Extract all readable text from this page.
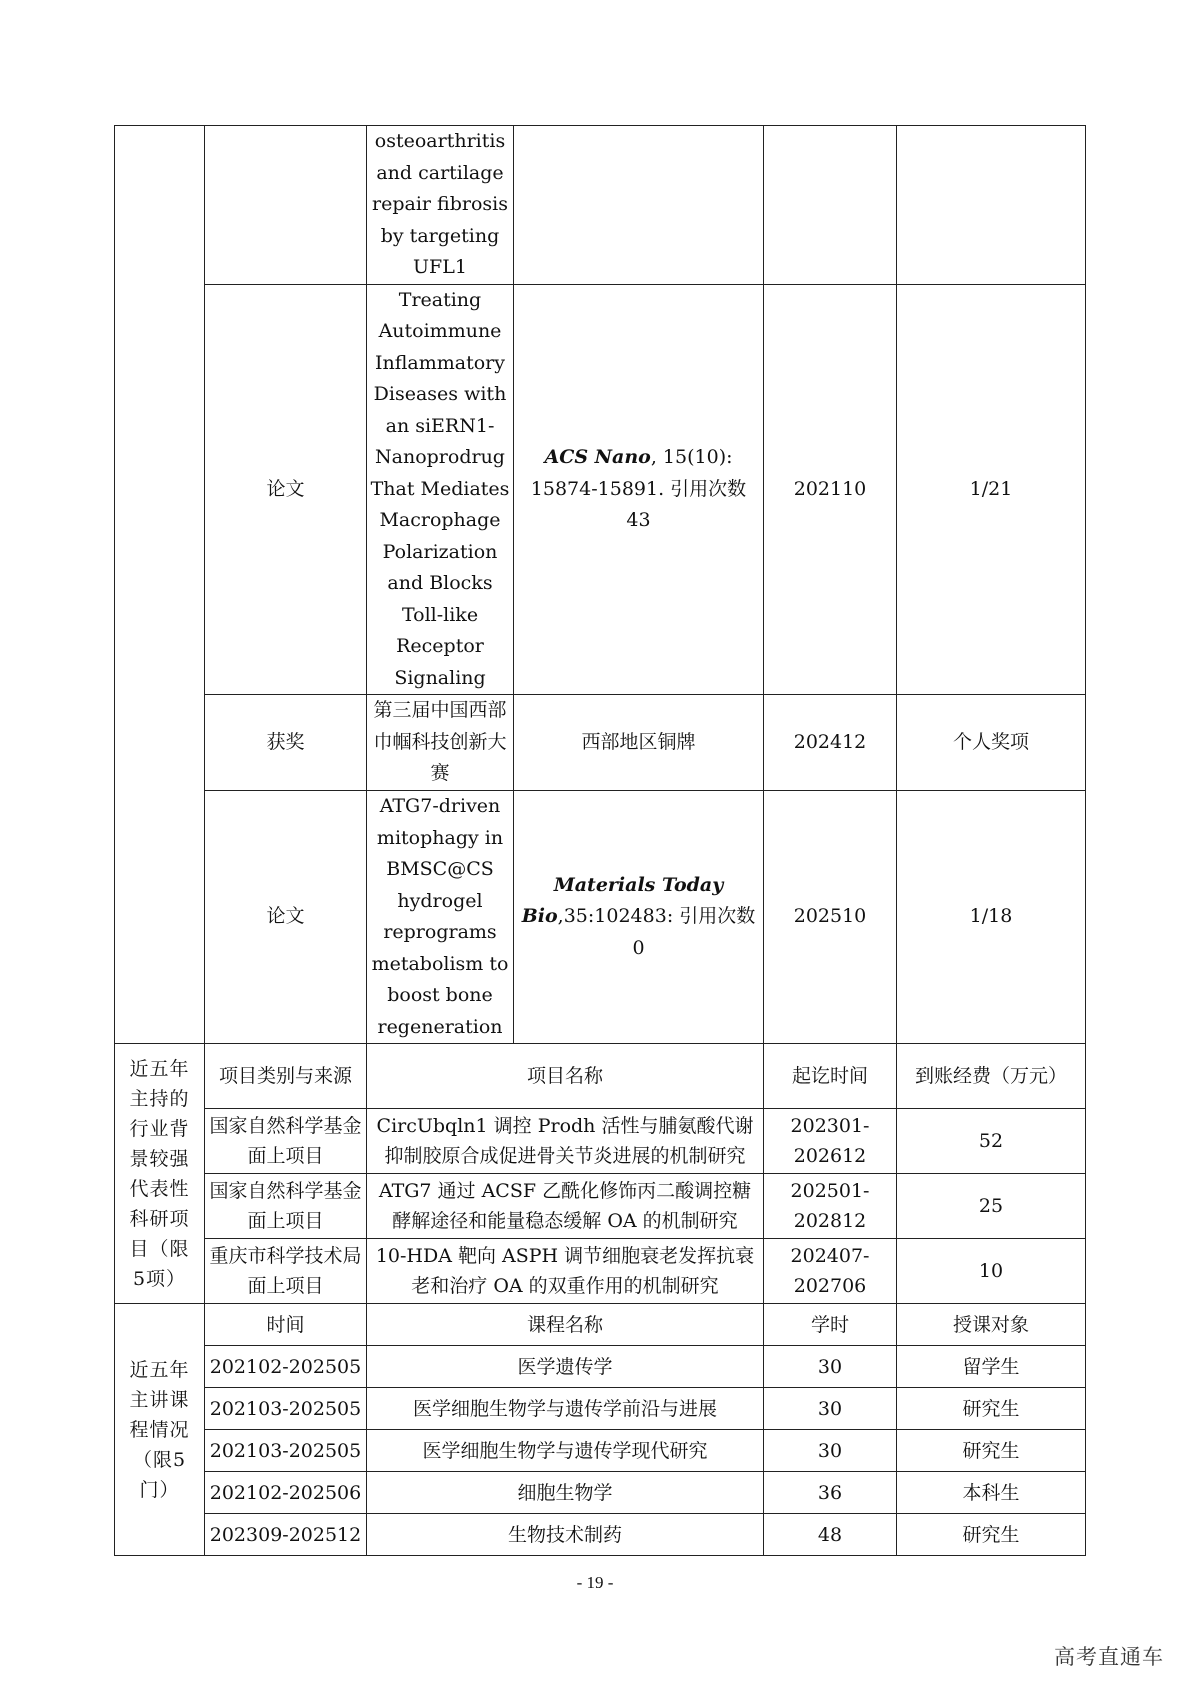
		osteoarthritis and cartilage repair fibrosis by targeting UFL1			
	论文	Treating Autoimmune Inflammatory Diseases with an siERN1-Nanoprodrug That Mediates Macrophage Polarization and Blocks Toll-like Receptor Signaling	ACS Nano, 15(10): 15874-15891. 引用次数 43	202110	1/21
	获奖	第三届中国西部巾帼科技创新大赛	西部地区铜牌	202412	个人奖项
	论文	ATG7-driven mitophagy in BMSC@CS hydrogel reprograms metabolism to boost bone regeneration	Materials Today Bio,35:102483: 引用次数 0	202510	1/18
近五年主持的行业背景较强代表性科研项目（限5项）	项目类别与来源	项目名称		起讫时间	到账经费（万元）
	国家自然科学基金面上项目	CircUbqln1 调控 Prodh 活性与脯氨酸代谢抑制胶原合成促进骨关节炎进展的机制研究		202301-202612	52
	国家自然科学基金面上项目	ATG7 通过 ACSF 乙酰化修饰丙二酸调控糖酵解途径和能量稳态缓解 OA 的机制研究		202501-202812	25
	重庆市科学技术局面上项目	10-HDA 靶向 ASPH 调节细胞衰老发挥抗衰老和治疗 OA 的双重作用的机制研究		202407-202706	10
近五年主讲课程情况（限5门）	时间	课程名称		学时	授课对象
	202102-202505	医学遗传学		30	留学生
	202103-202505	医学细胞生物学与遗传学前沿与进展		30	研究生
	202103-202505	医学细胞生物学与遗传学现代研究		30	研究生
	202102-202506	细胞生物学		36	本科生
	202309-202512	生物技术制药		48	研究生
- 19 -
高考直通车
